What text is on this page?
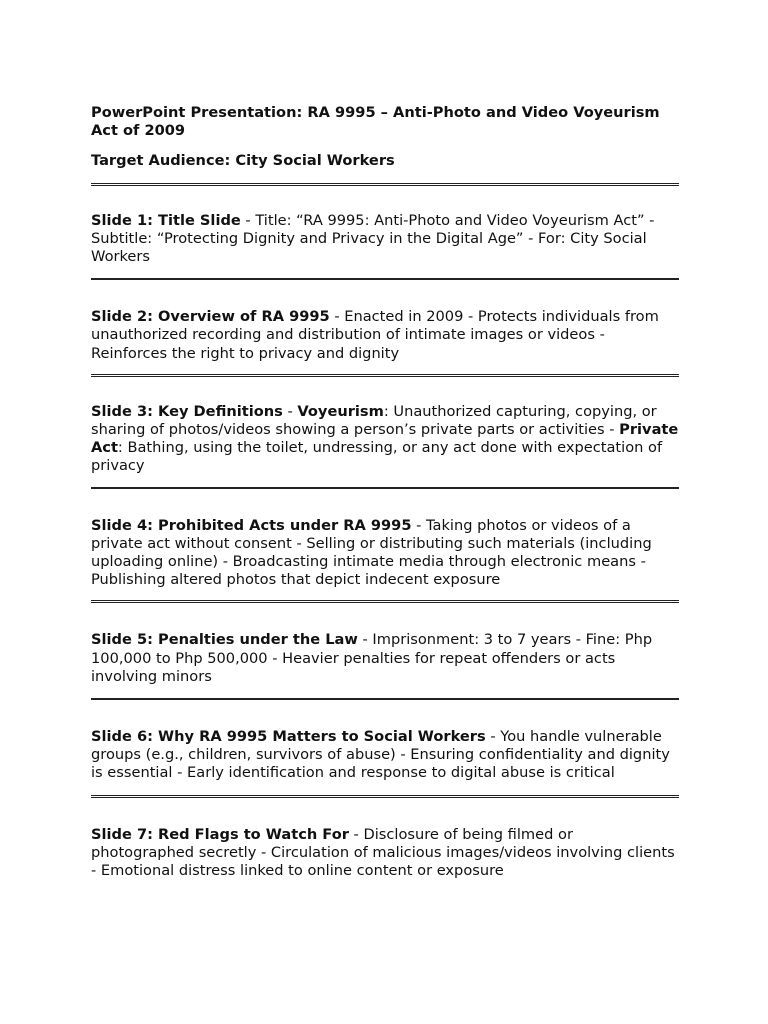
PowerPoint Presentation: RA 9995 – Anti-Photo and Video Voyeurism Act of 2009

Target Audience: City Social Workers

Slide 1: Title Slide - Title: “RA 9995: Anti-Photo and Video Voyeurism Act” - Subtitle: “Protecting Dignity and Privacy in the Digital Age” - For: City Social Workers

Slide 2: Overview of RA 9995 - Enacted in 2009 - Protects individuals from unauthorized recording and distribution of intimate images or videos - Reinforces the right to privacy and dignity

Slide 3: Key Definitions - Voyeurism: Unauthorized capturing, copying, or sharing of photos/videos showing a person’s private parts or activities - Private Act: Bathing, using the toilet, undressing, or any act done with expectation of privacy

Slide 4: Prohibited Acts under RA 9995 - Taking photos or videos of a private act without consent - Selling or distributing such materials (including uploading online) - Broadcasting intimate media through electronic means - Publishing altered photos that depict indecent exposure

Slide 5: Penalties under the Law - Imprisonment: 3 to 7 years - Fine: Php 100,000 to Php 500,000 - Heavier penalties for repeat offenders or acts involving minors

Slide 6: Why RA 9995 Matters to Social Workers - You handle vulnerable groups (e.g., children, survivors of abuse) - Ensuring confidentiality and dignity is essential - Early identification and response to digital abuse is critical

Slide 7: Red Flags to Watch For - Disclosure of being filmed or photographed secretly - Circulation of malicious images/videos involving clients - Emotional distress linked to online content or exposure
